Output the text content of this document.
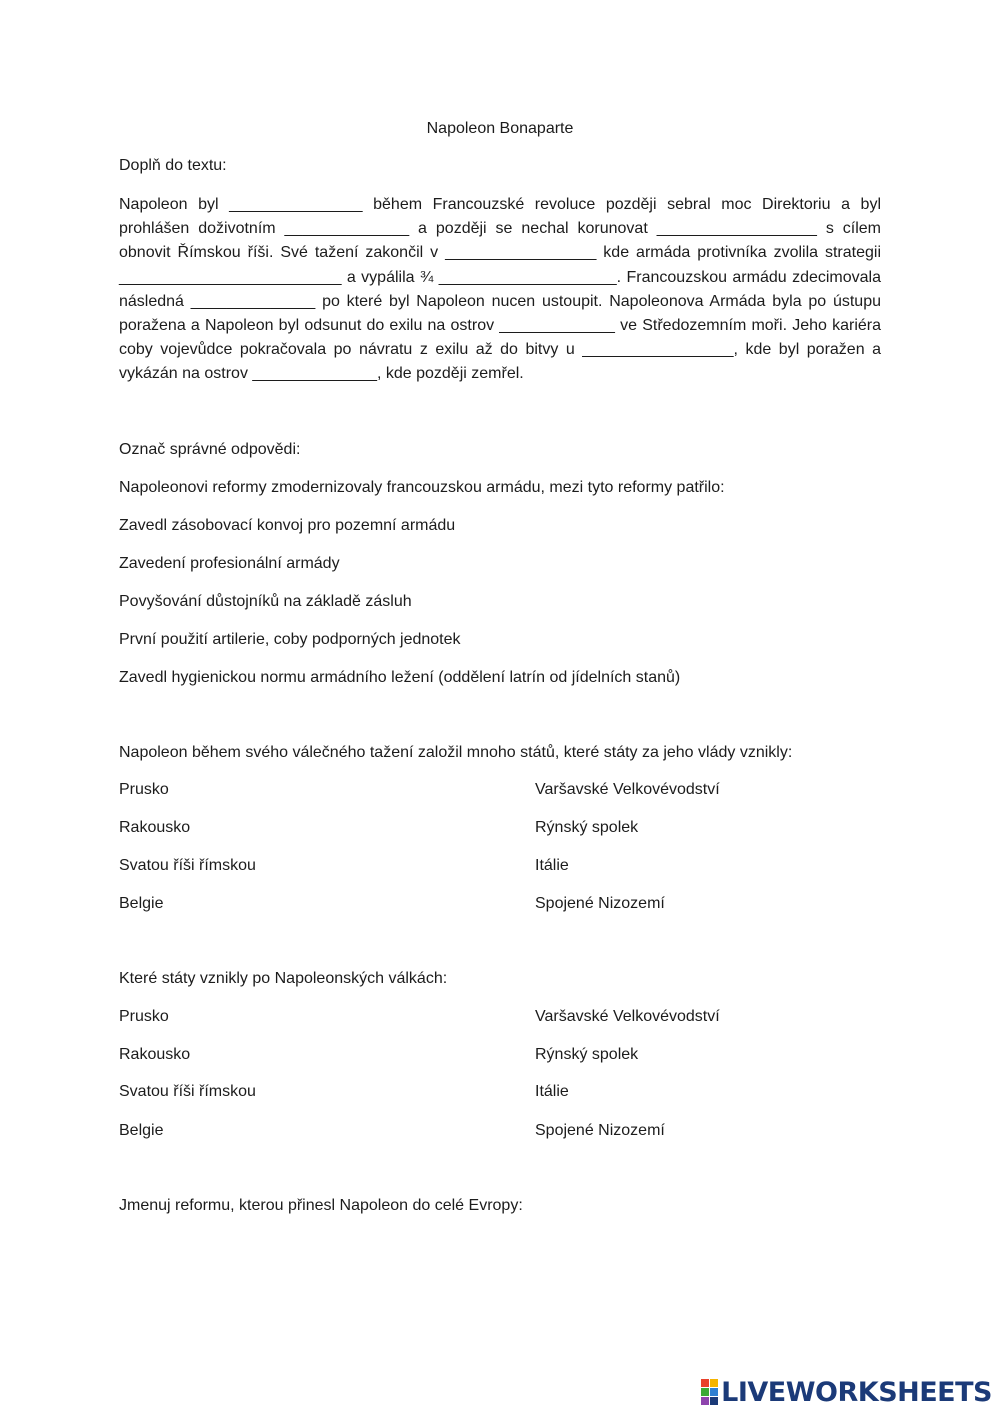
Napoleon Bonaparte
Doplň do textu:
Napoleon byl _______________ během Francouzské revoluce později sebral moc Direktoriu a byl prohlášen doživotním ______________ a později se nechal korunovat __________________ s cílem obnovit Římskou říši. Své tažení zakončil v _________________ kde armáda protivníka zvolila strategii _________________________ a vypálila ¾ ____________________. Francouzskou armádu zdecimovala následná ______________ po které byl Napoleon nucen ustoupit. Napoleonova Armáda byla po ústupu poražena a Napoleon byl odsunut do exilu na ostrov _____________ ve Středozemním moři. Jeho kariéra coby vojevůdce pokračovala po návratu z exilu až do bitvy u _________________, kde byl poražen a vykázán na ostrov ______________, kde později zemřel.
Označ správné odpovědi:
Napoleonovi reformy zmodernizovaly francouzskou armádu, mezi tyto reformy patřilo:
Zavedl zásobovací konvoj pro pozemní armádu
Zavedení profesionální armády
Povyšování důstojníků na základě zásluh
První použití artilerie, coby podporných jednotek
Zavedl hygienickou normu armádního ležení (oddělení latrín od jídelních stanů)
Napoleon během svého válečného tažení založil mnoho států, které státy za jeho vlády vznikly:
Prusko	Varšavské Velkovévodství
Rakousko	Rýnský spolek
Svatou říši římskou	Itálie
Belgie	Spojené Nizozemí
Které státy vznikly po Napoleonských válkách:
Prusko	Varšavské Velkovévodství
Rakousko	Rýnský spolek
Svatou říši římskou	Itálie
Belgie	Spojené Nizozemí
Jmenuj reformu, kterou přinesl Napoleon do celé Evropy:
LIVEWORKSHEETS
